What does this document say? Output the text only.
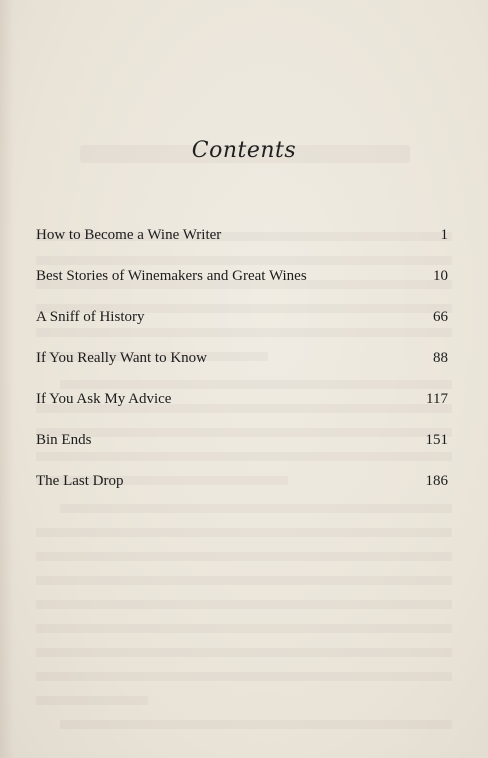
Contents
How to Become a Wine Writer	1
Best Stories of Winemakers and Great Wines	10
A Sniff of History	66
If You Really Want to Know	88
If You Ask My Advice	117
Bin Ends	151
The Last Drop	186
